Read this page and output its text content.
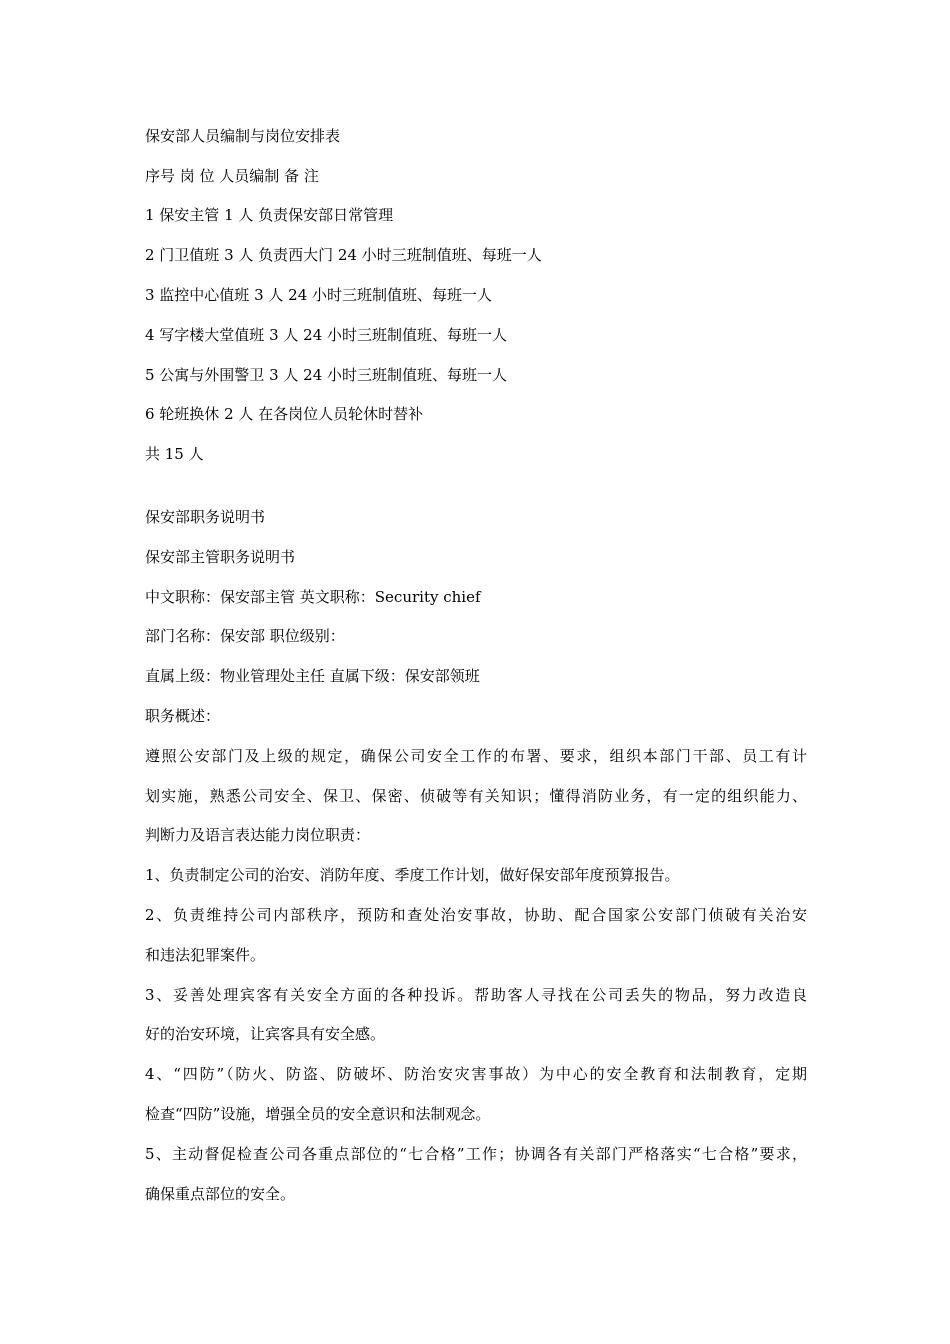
保安部人员编制与岗位安排表
序号 岗 位 人员编制 备 注
1 保安主管 1 人 负责保安部日常管理
2 门卫值班 3 人 负责西大门 24 小时三班制值班、每班一人
3 监控中心值班 3 人 24 小时三班制值班、每班一人
4 写字楼大堂值班 3 人 24 小时三班制值班、每班一人
5 公寓与外围警卫 3 人 24 小时三班制值班、每班一人
6 轮班换休 2 人 在各岗位人员轮休时替补
共 15 人
保安部职务说明书
保安部主管职务说明书
中文职称：保安部主管 英文职称：Security chief
部门名称：保安部 职位级别：
直属上级：物业管理处主任 直属下级：保安部领班
职务概述：
遵照公安部门及上级的规定，确保公司安全工作的布署、要求，组织本部门干部、员工有计
划实施，熟悉公司安全、保卫、保密、侦破等有关知识；懂得消防业务，有一定的组织能力、
判断力及语言表达能力岗位职责：
1、负责制定公司的治安、消防年度、季度工作计划，做好保安部年度预算报告。
2、负责维持公司内部秩序，预防和查处治安事故，协助、配合国家公安部门侦破有关治安
和违法犯罪案件。
3、妥善处理宾客有关安全方面的各种投诉。帮助客人寻找在公司丢失的物品，努力改造良
好的治安环境，让宾客具有安全感。
4、“四防”（防火、防盗、防破坏、防治安灾害事故）为中心的安全教育和法制教育，定期
检查“四防”设施，增强全员的安全意识和法制观念。
5、主动督促检查公司各重点部位的“七合格”工作；协调各有关部门严格落实“七合格”要求，
确保重点部位的安全。
